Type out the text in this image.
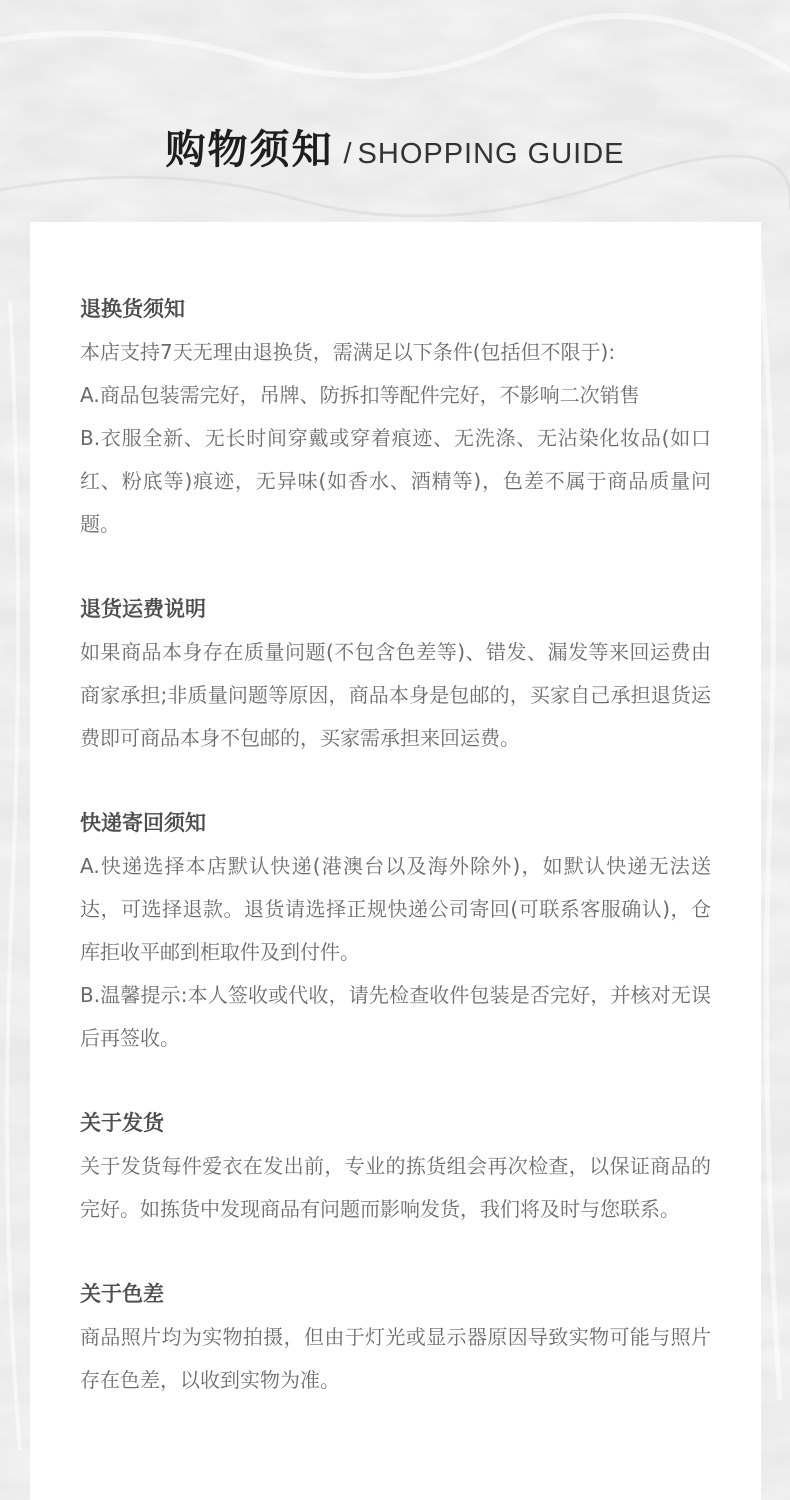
购物须知 / SHOPPING GUIDE
退换货须知

本店支持7天无理由退换货，需满足以下条件(包括但不限于):

A.商品包装需完好，吊牌、防拆扣等配件完好，不影响二次销售

B.衣服全新、无长时间穿戴或穿着痕迹、无洗涤、无沾染化妆品(如口红、粉底等)痕迹，无异味(如香水、酒精等)，色差不属于商品质量问题。

退货运费说明

如果商品本身存在质量问题(不包含色差等)、错发、漏发等来回运费由商家承担;非质量问题等原因，商品本身是包邮的，买家自己承担退货运费即可商品本身不包邮的，买家需承担来回运费。

快递寄回须知

A.快递选择本店默认快递(港澳台以及海外除外)，如默认快递无法送达，可选择退款。退货请选择正规快递公司寄回(可联系客服确认)，仓库拒收平邮到柜取件及到付件。

B.温馨提示:本人签收或代收，请先检查收件包装是否完好，并核对无误后再签收。

关于发货

关于发货每件爱衣在发出前，专业的拣货组会再次检查，以保证商品的完好。如拣货中发现商品有问题而影响发货，我们将及时与您联系。

关于色差

商品照片均为实物拍摄，但由于灯光或显示器原因导致实物可能与照片存在色差，以收到实物为准。
